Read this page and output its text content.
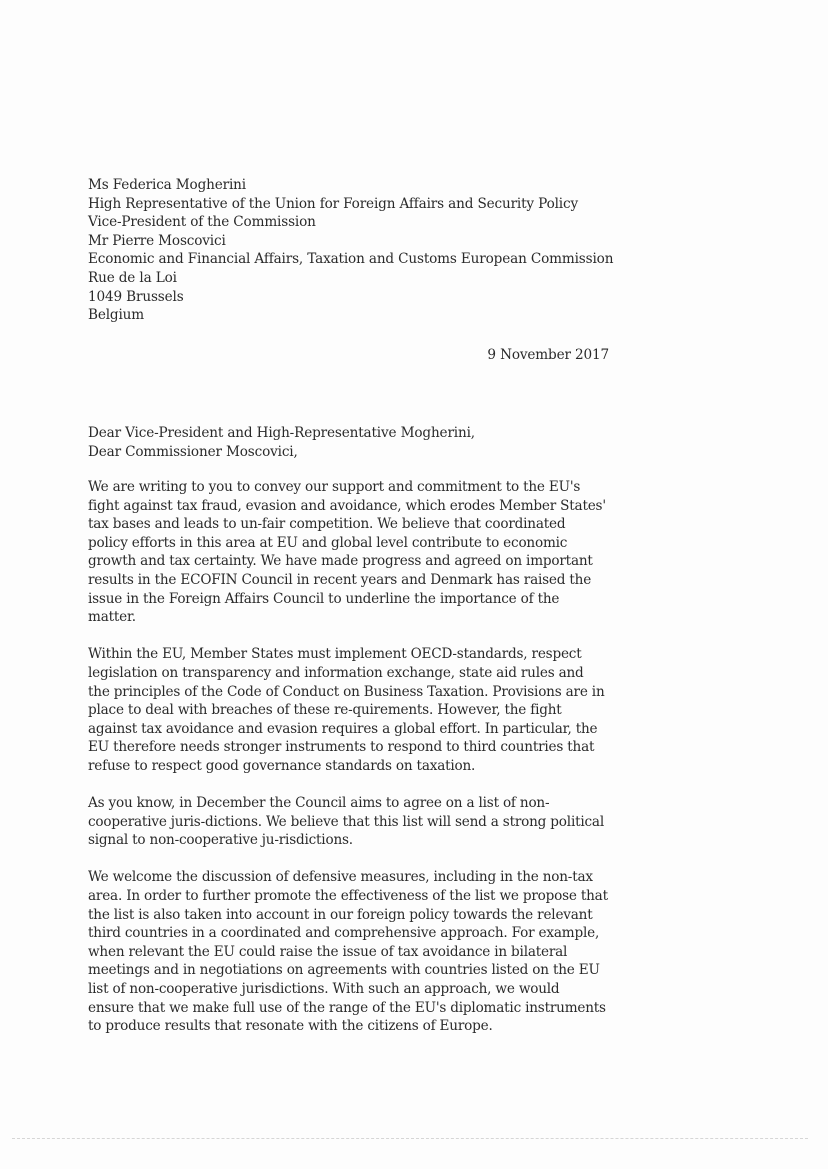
Ms Federica Mogherini
High Representative of the Union for Foreign Affairs and Security Policy
Vice-President of the Commission
Mr Pierre Moscovici
Economic and Financial Affairs, Taxation and Customs European Commission
Rue de la Loi
1049 Brussels
Belgium
9 November 2017
Dear Vice-President and High-Representative Mogherini,
Dear Commissioner Moscovici,

We are writing to you to convey our support and commitment to the EU's fight against tax fraud, evasion and avoidance, which erodes Member States' tax bases and leads to un-fair competition. We believe that coordinated policy efforts in this area at EU and global level contribute to economic growth and tax certainty. We have made progress and agreed on important results in the ECOFIN Council in recent years and Denmark has raised the issue in the Foreign Affairs Council to underline the importance of the matter.

Within the EU, Member States must implement OECD-standards, respect legislation on transparency and information exchange, state aid rules and the principles of the Code of Conduct on Business Taxation. Provisions are in place to deal with breaches of these re-quirements. However, the fight against tax avoidance and evasion requires a global effort. In particular, the EU therefore needs stronger instruments to respond to third countries that refuse to respect good governance standards on taxation.

As you know, in December the Council aims to agree on a list of non-cooperative juris-dictions. We believe that this list will send a strong political signal to non-cooperative ju-risdictions.

We welcome the discussion of defensive measures, including in the non-tax area. In order to further promote the effectiveness of the list we propose that the list is also taken into account in our foreign policy towards the relevant third countries in a coordinated and comprehensive approach. For example, when relevant the EU could raise the issue of tax avoidance in bilateral meetings and in negotiations on agreements with countries listed on the EU list of non-cooperative jurisdictions. With such an approach, we would ensure that we make full use of the range of the EU's diplomatic instruments to produce results that resonate with the citizens of Europe.
